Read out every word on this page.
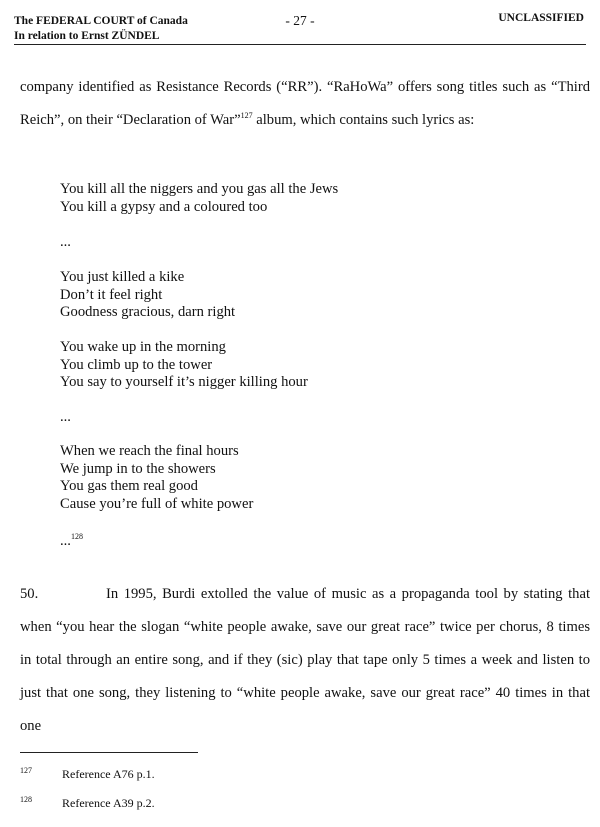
The FEDERAL COURT of Canada
In relation to Ernst ZÜNDEL
- 27 -	UNCLASSIFIED
company identified as Resistance Records (“RR”). “RaHoWa” offers song titles such as “Third Reich”, on their “Declaration of War”$^{127}$ album, which contains such lyrics as:
You kill all the niggers and you gas all the Jews
You kill a gypsy and a coloured too
...
You just killed a kike
Don’t it feel right
Goodness gracious, darn right
You wake up in the morning
You climb up to the tower
You say to yourself it’s nigger killing hour
...
When we reach the final hours
We jump in to the showers
You gas them real good
Cause you’re full of white power
...$^{128}$
50.	In 1995, Burdi extolled the value of music as a propaganda tool by stating that when “you hear the slogan “white people awake, save our great race” twice per chorus, 8 times in total through an entire song, and if they (sic) play that tape only 5 times a week and listen to just that one song, they listening to “white people awake, save our great race” 40 times in that one
127	Reference A76 p.1.
128	Reference A39 p.2.
